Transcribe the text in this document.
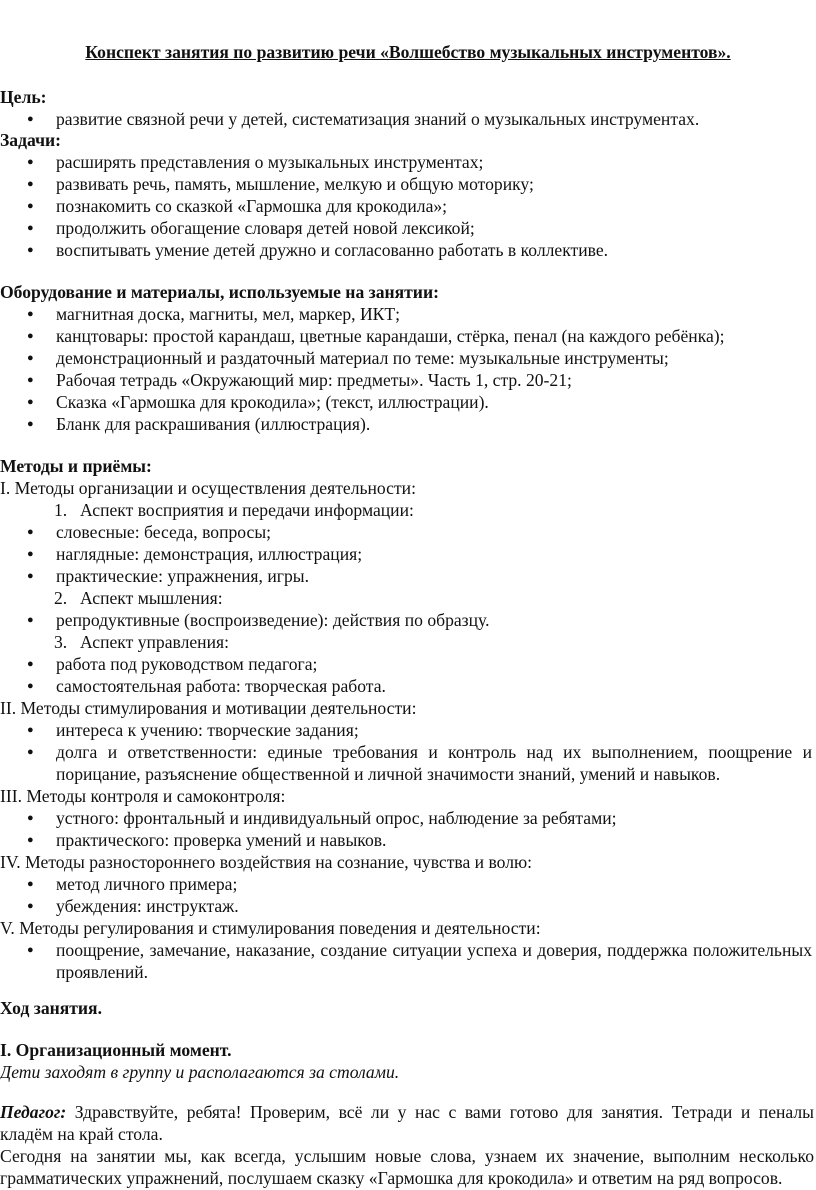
Конспект занятия по развитию речи «Волшебство музыкальных инструментов».
Цель:
● развитие связной речи у детей, систематизация знаний о музыкальных инструментах.
Задачи:
● расширять представления о музыкальных инструментах;
● развивать речь, память, мышление, мелкую и общую моторику;
● познакомить со сказкой «Гармошка для крокодила»;
● продолжить обогащение словаря детей новой лексикой;
● воспитывать умение детей дружно и согласованно работать в коллективе.
Оборудование и материалы, используемые на занятии:
● магнитная доска, магниты, мел, маркер, ИКТ;
● канцтовары: простой карандаш, цветные карандаши, стёрка, пенал (на каждого ребёнка);
● демонстрационный и раздаточный материал по теме: музыкальные инструменты;
● Рабочая тетрадь «Окружающий мир: предметы». Часть 1, стр. 20-21;
● Сказка «Гармошка для крокодила»; (текст, иллюстрации).
● Бланк для раскрашивания (иллюстрация).
Методы и приёмы:
I. Методы организации и осуществления деятельности:
1. Аспект восприятия и передачи информации:
● словесные: беседа, вопросы;
● наглядные: демонстрация, иллюстрация;
● практические: упражнения, игры.
2. Аспект мышления:
● репродуктивные (воспроизведение): действия по образцу.
3. Аспект управления:
● работа под руководством педагога;
● самостоятельная работа: творческая работа.
II. Методы стимулирования и мотивации деятельности:
● интереса к учению: творческие задания;
● долга и ответственности: единые требования и контроль над их выполнением, поощрение и
порицание, разъяснение общественной и личной значимости знаний, умений и навыков.
III. Методы контроля и самоконтроля:
● устного: фронтальный и индивидуальный опрос, наблюдение за ребятами;
● практического: проверка умений и навыков.
IV. Методы разностороннего воздействия на сознание, чувства и волю:
● метод личного примера;
● убеждения: инструктаж.
V. Методы регулирования и стимулирования поведения и деятельности:
● поощрение, замечание, наказание, создание ситуации успеха и доверия, поддержка положительных
проявлений.
Ход занятия.
I. Организационный момент.
Дети заходят в группу и располагаются за столами.
Педагог: Здравствуйте, ребята! Проверим, всё ли у нас с вами готово для занятия. Тетради и пеналы
кладём на край стола.
Сегодня на занятии мы, как всегда, услышим новые слова, узнаем их значение, выполним несколько
грамматических упражнений, послушаем сказку «Гармошка для крокодила» и ответим на ряд вопросов.
